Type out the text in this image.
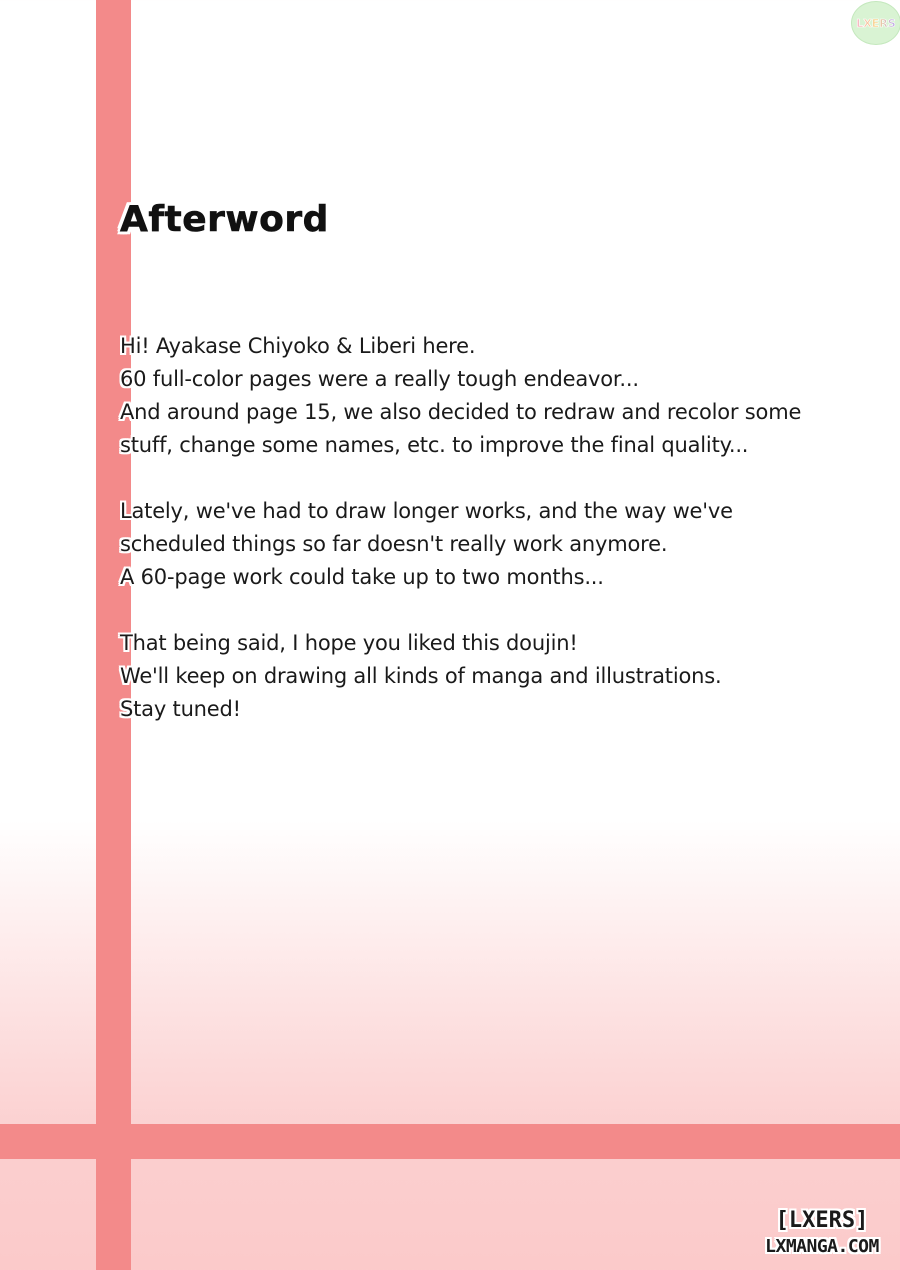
LXERS
Afterword

Hi! Ayakase Chiyoko & Liberi here.
60 full-color pages were a really tough endeavor...
And around page 15, we also decided to redraw and recolor some
stuff, change some names, etc. to improve the final quality...

Lately, we've had to draw longer works, and the way we've
scheduled things so far doesn't really work anymore.
A 60-page work could take up to two months...

That being said, I hope you liked this doujin!
We'll keep on drawing all kinds of manga and illustrations.
Stay tuned!

[LXERS]
LXMANGA.COM
